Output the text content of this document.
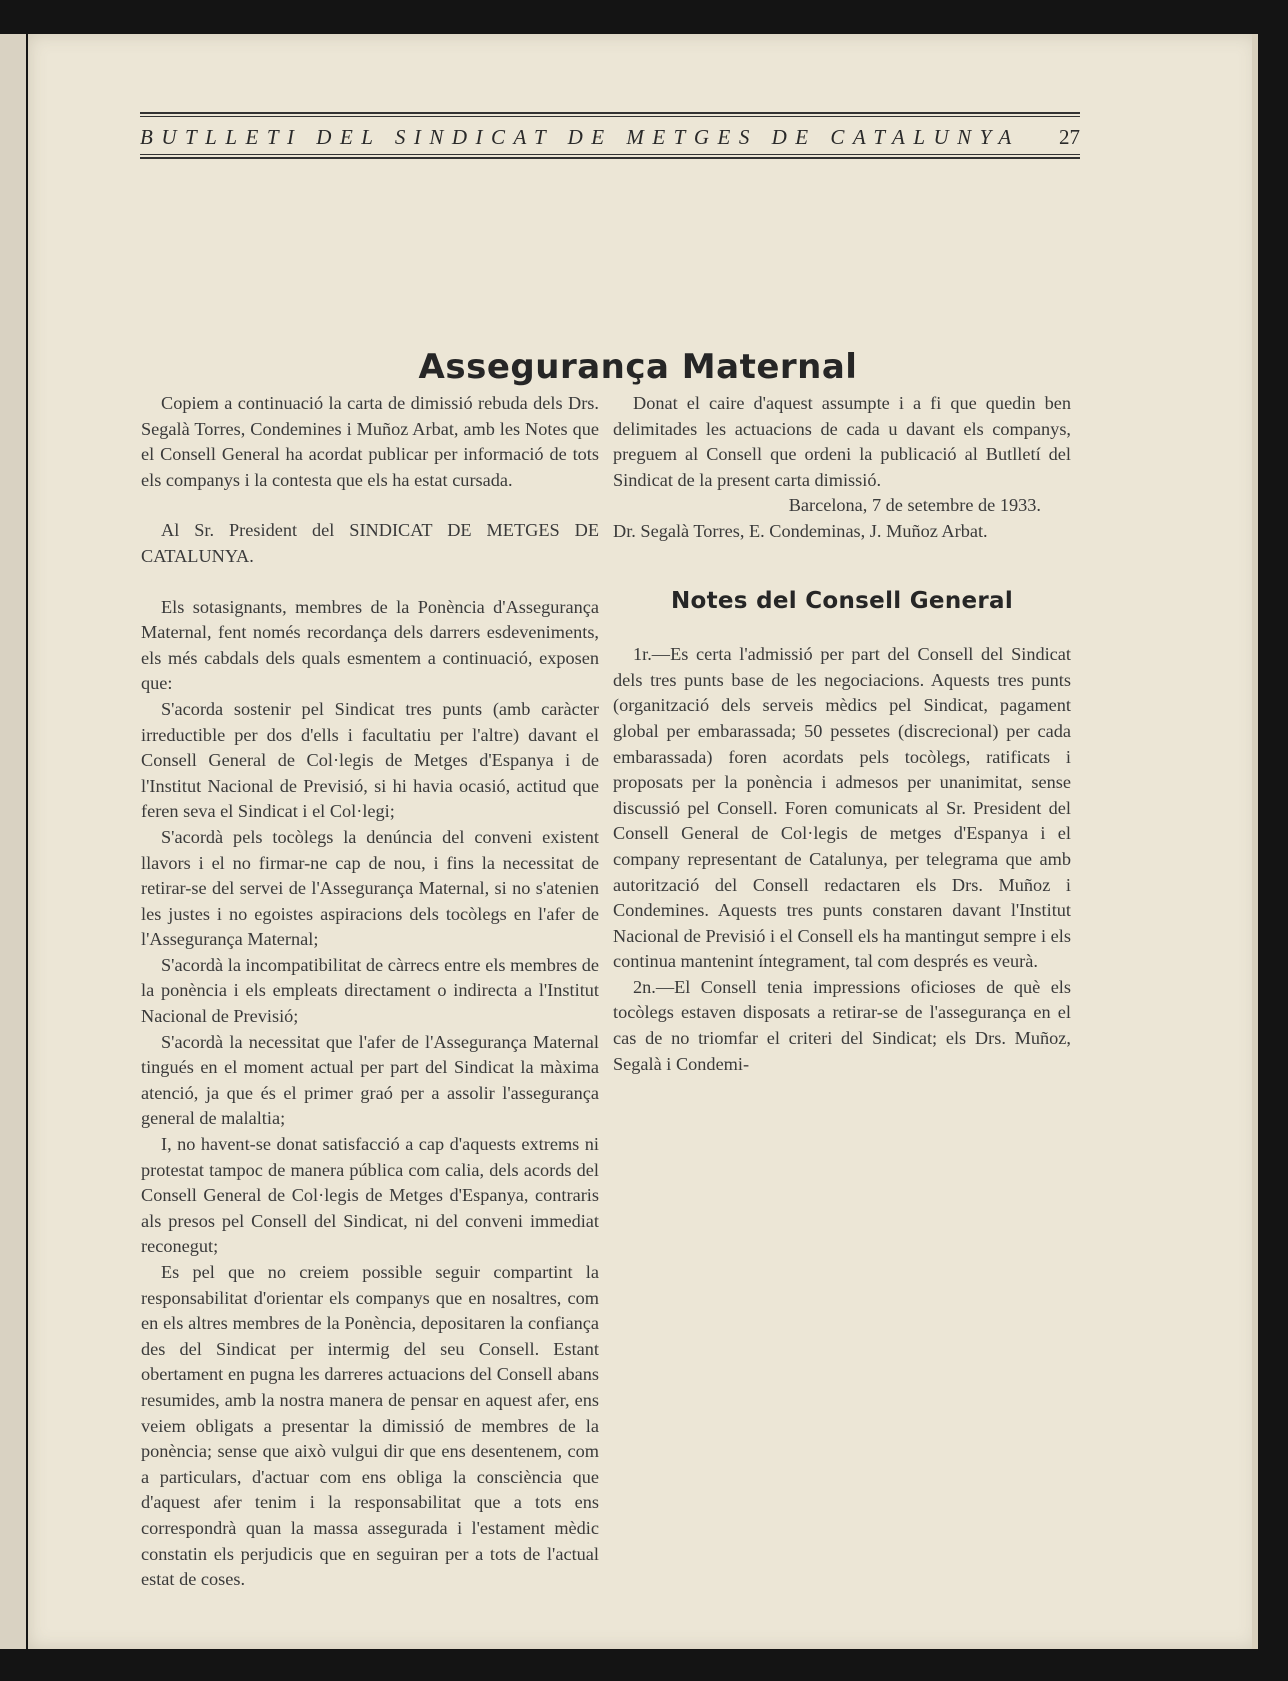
BUTLLETI DEL SINDICAT DE METGES DE CATALUNYA 27
Assegurança Maternal

Copiem a continuació la carta de dimissió rebuda dels Drs. Segalà Torres, Condemines i Muñoz Arbat, amb les Notes que el Consell General ha acordat publicar per informació de tots els companys i la contesta que els ha estat cursada.

Al Sr. President del SINDICAT DE METGES DE CATALUNYA.

Els sotasignants, membres de la Ponència d'Assegurança Maternal, fent només recordança dels darrers esdeveniments, els més cabdals dels quals esmentem a continuació, exposen que:

S'acorda sostenir pel Sindicat tres punts (amb caràcter irreductible per dos d'ells i facultatiu per l'altre) davant el Consell General de Col·legis de Metges d'Espanya i de l'Institut Nacional de Previsió, si hi havia ocasió, actitud que feren seva el Sindicat i el Col·legi;

S'acordà pels tocòlegs la denúncia del conveni existent llavors i el no firmar-ne cap de nou, i fins la necessitat de retirar-se del servei de l'Assegurança Maternal, si no s'atenien les justes i no egoistes aspiracions dels tocòlegs en l'afer de l'Assegurança Maternal;

S'acordà la incompatibilitat de càrrecs entre els membres de la ponència i els empleats directament o indirecta a l'Institut Nacional de Previsió;

S'acordà la necessitat que l'afer de l'Assegurança Maternal tingués en el moment actual per part del Sindicat la màxima atenció, ja que és el primer graó per a assolir l'assegurança general de malaltia;

I, no havent-se donat satisfacció a cap d'aquests extrems ni protestat tampoc de manera pública com calia, dels acords del Consell General de Col·legis de Metges d'Espanya, contraris als presos pel Consell del Sindicat, ni del conveni immediat reconegut;

Es pel que no creiem possible seguir compartint la responsabilitat d'orientar els companys que en nosaltres, com en els altres membres de la Ponència, depositaren la confiança des del Sindicat per intermig del seu Consell. Estant obertament en pugna les darreres actuacions del Consell abans resumides, amb la nostra manera de pensar en aquest afer, ens veiem obligats a presentar la dimissió de membres de la ponència; sense que això vulgui dir que ens desentenem, com a particulars, d'actuar com ens obliga la consciència que d'aquest afer tenim i la responsabilitat que a tots ens correspondrà quan la massa assegurada i l'estament mèdic constatin els perjudicis que en seguiran per a tots de l'actual estat de coses.

Donat el caire d'aquest assumpte i a fi que quedin ben delimitades les actuacions de cada u davant els companys, preguem al Consell que ordeni la publicació al Butlletí del Sindicat de la present carta dimissió.

Barcelona, 7 de setembre de 1933.

Dr. Segalà Torres, E. Condeminas, J. Muñoz Arbat.

Notes del Consell General

1r.—Es certa l'admissió per part del Consell del Sindicat dels tres punts base de les negociacions. Aquests tres punts (organització dels serveis mèdics pel Sindicat, pagament global per embarassada; 50 pessetes (discrecional) per cada embarassada) foren acordats pels tocòlegs, ratificats i proposats per la ponència i admesos per unanimitat, sense discussió pel Consell. Foren comunicats al Sr. President del Consell General de Col·legis de metges d'Espanya i el company representant de Catalunya, per telegrama que amb autorització del Consell redactaren els Drs. Muñoz i Condemines. Aquests tres punts constaren davant l'Institut Nacional de Previsió i el Consell els ha mantingut sempre i els continua mantenint íntegrament, tal com després es veurà.

2n.—El Consell tenia impressions oficioses de què els tocòlegs estaven disposats a retirar-se de l'assegurança en el cas de no triomfar el criteri del Sindicat; els Drs. Muñoz, Segalà i Condemi-
